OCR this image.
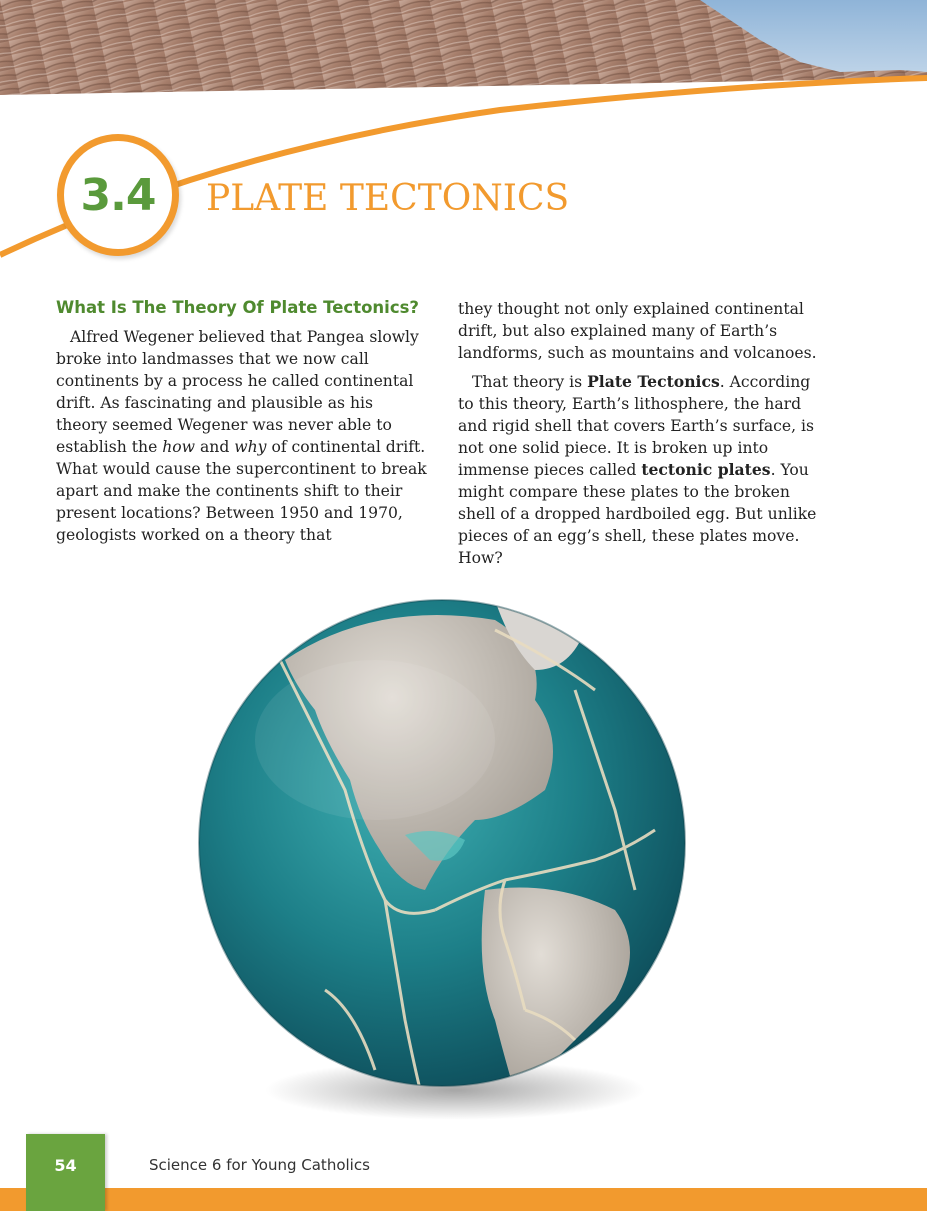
3.4 PLATE TECTONICS
What Is The Theory Of Plate Tectonics?

Alfred Wegener believed that Pangea slowly broke into landmasses that we now call continents by a process he called continental drift. As fascinating and plausible as his theory seemed Wegener was never able to establish the how and why of continental drift. What would cause the supercontinent to break apart and make the continents shift to their present locations? Between 1950 and 1970, geologists worked on a theory that

they thought not only explained continental drift, but also explained many of Earth’s landforms, such as mountains and volcanoes.

That theory is Plate Tectonics. According to this theory, Earth’s lithosphere, the hard and rigid shell that covers Earth’s surface, is not one solid piece. It is broken up into immense pieces called tectonic plates. You might compare these plates to the broken shell of a dropped hardboiled egg. But unlike pieces of an egg’s shell, these plates move. How?

54	Science 6 for Young Catholics
